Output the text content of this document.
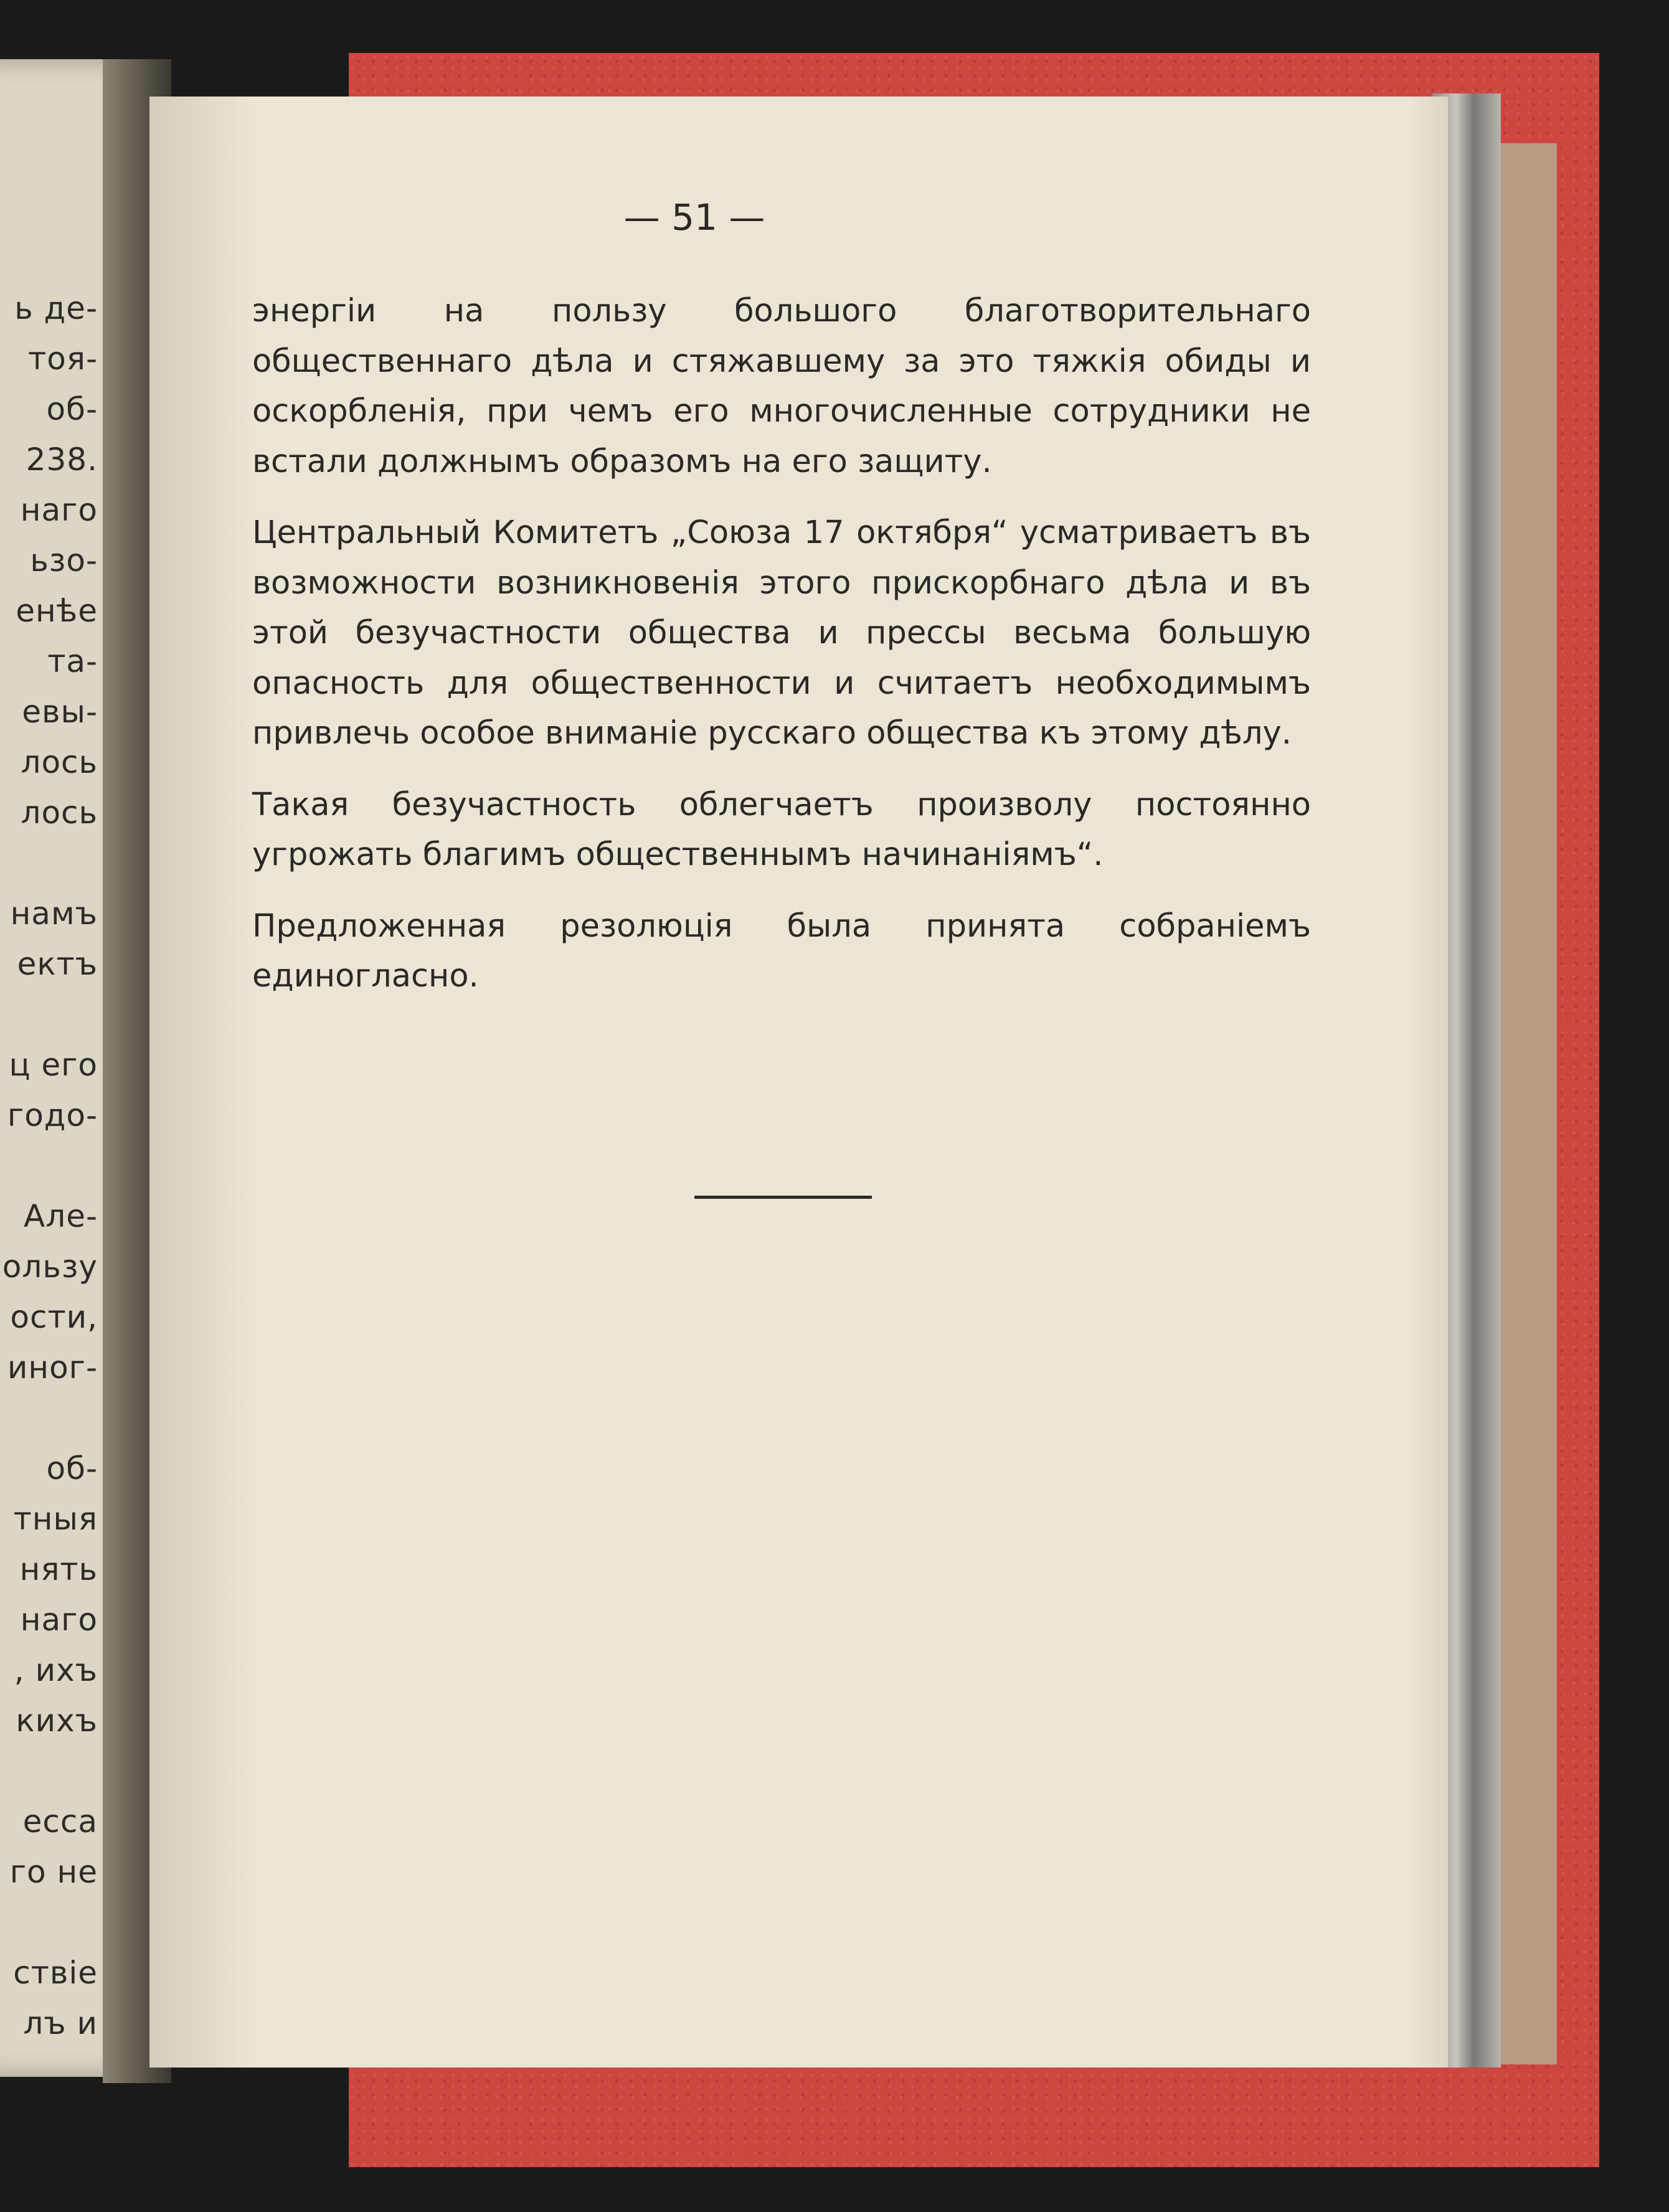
ь де-
тоя-
об-
238.
наго
ьзо-
енѣе
та-
евы-
лось
лось

намъ
ектъ

ц его
годо-

Але-
ользу
ости,
иног-

об-
тныя
нять
наго
, ихъ
кихъ

есса
го не

ствіе
лъ и
— 51 —
энергіи на пользу большого благотворительнаго общественнаго дѣла и стяжавшему за это тяжкія обиды и оскорбленія, при чемъ его многочисленные сотрудники не встали должнымъ образомъ на его защиту.
Центральный Комитетъ „Союза 17 октября“ усматриваетъ въ возможности возникновенія этого прискорбнаго дѣла и въ этой безучастности общества и прессы весьма большую опасность для общественности и считаетъ необходимымъ привлечь особое вниманіе русскаго общества къ этому дѣлу.
Такая безучастность облегчаетъ произволу постоянно угрожать благимъ общественнымъ начинаніямъ“.
Предложенная резолюція была принята собраніемъ единогласно.
